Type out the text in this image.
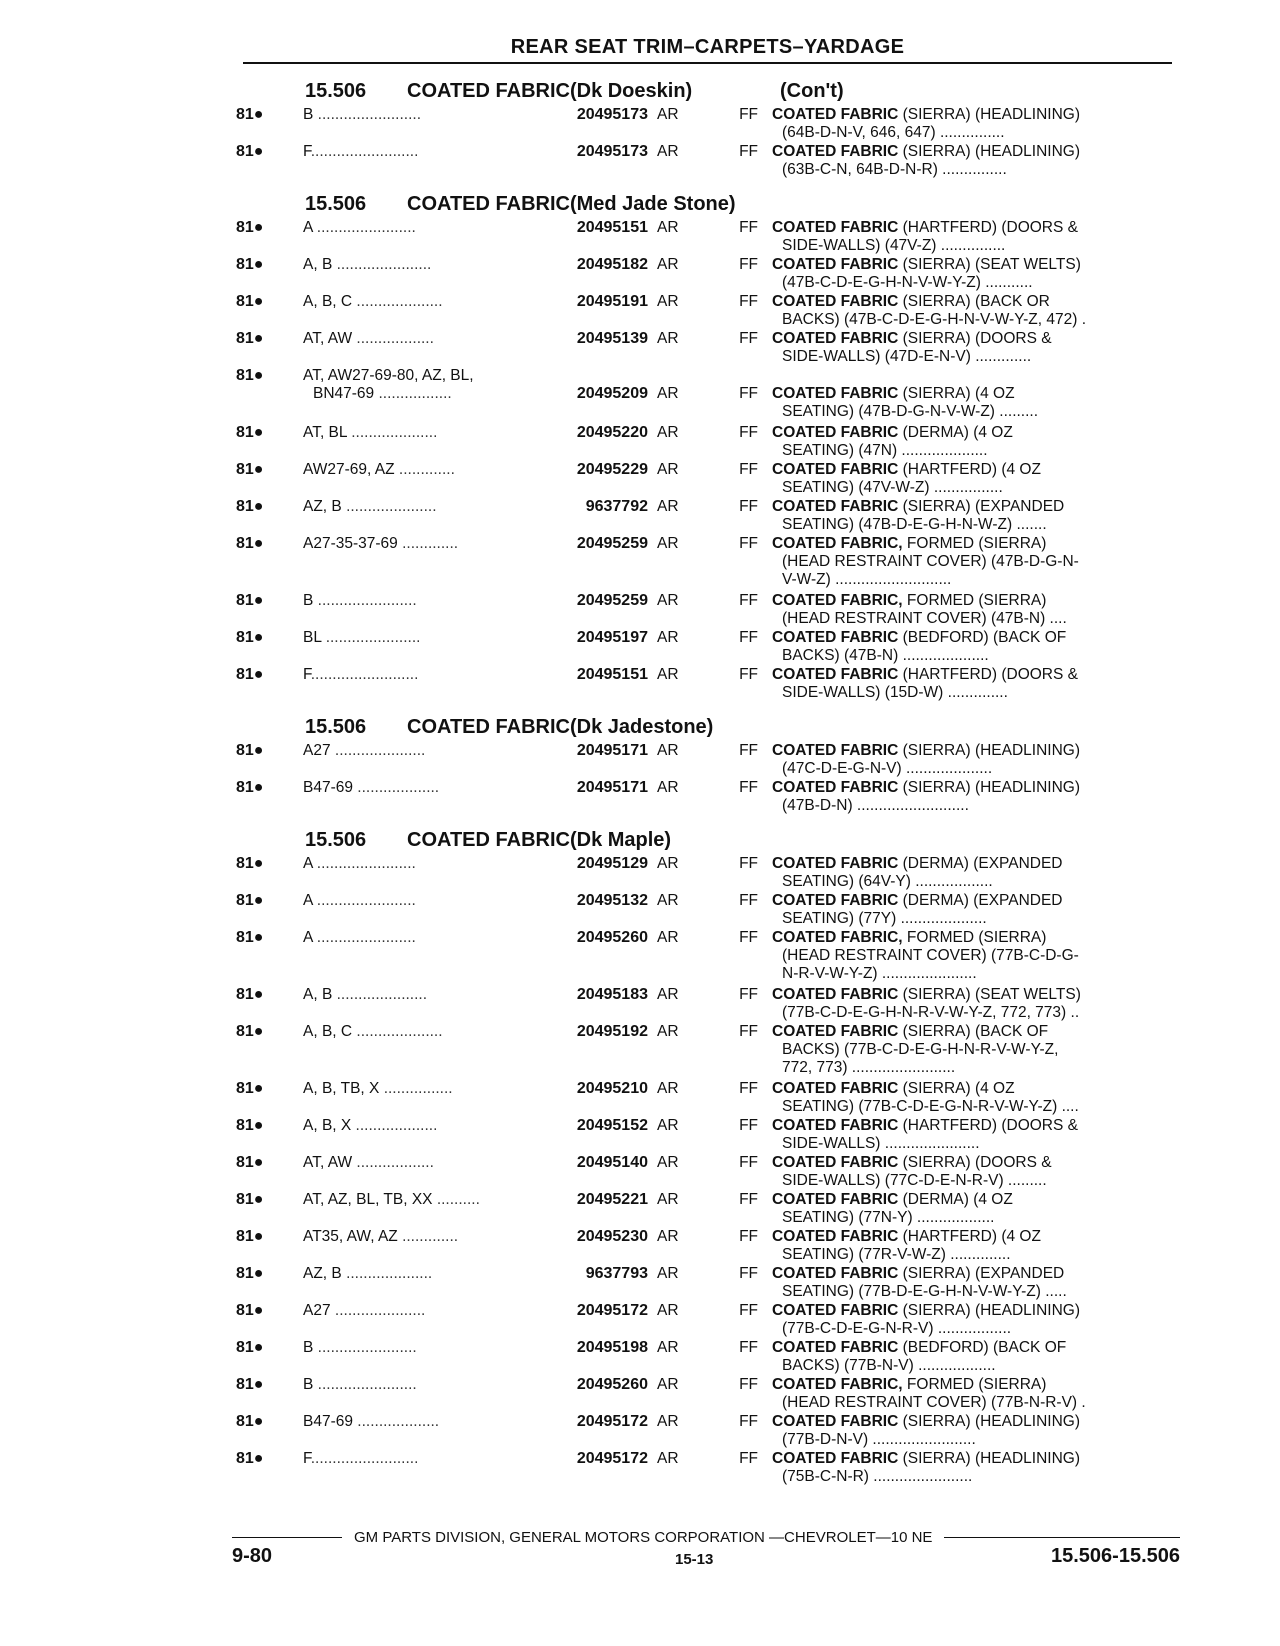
REAR SEAT TRIM–CARPETS–YARDAGE
15.506	COATED FABRIC(Dk Doeskin)	(Con't)
81●	B ........................	20495173 AR	FF COATED FABRIC (SIERRA) (HEADLINING)
(64B-D-N-V, 646, 647) ...............
81●	F.........................	20495173 AR	FF COATED FABRIC (SIERRA) (HEADLINING)
(63B-C-N, 64B-D-N-R) ...............
15.506	COATED FABRIC(Med Jade Stone)
81●	A .......................	20495151 AR	FF COATED FABRIC (HARTFERD) (DOORS &
SIDE-WALLS) (47V-Z) ...............
81●	A, B ......................	20495182 AR	FF COATED FABRIC (SIERRA) (SEAT WELTS)
(47B-C-D-E-G-H-N-V-W-Y-Z) ...........
81●	A, B, C ....................	20495191 AR	FF COATED FABRIC (SIERRA) (BACK OR
BACKS) (47B-C-D-E-G-H-N-V-W-Y-Z, 472) .
81●	AT, AW ..................	20495139 AR	FF COATED FABRIC (SIERRA) (DOORS &
SIDE-WALLS) (47D-E-N-V) .............
81●	AT, AW27-69-80, AZ, BL,
BN47-69 .................	20495209 AR	FF COATED FABRIC (SIERRA) (4 OZ
SEATING) (47B-D-G-N-V-W-Z) .........
81●	AT, BL ....................	20495220 AR	FF COATED FABRIC (DERMA) (4 OZ
SEATING) (47N) ....................
81●	AW27-69, AZ .............	20495229 AR	FF COATED FABRIC (HARTFERD) (4 OZ
SEATING) (47V-W-Z) ................
81●	AZ, B .....................	9637792 AR	FF COATED FABRIC (SIERRA) (EXPANDED
SEATING) (47B-D-E-G-H-N-W-Z) .......
81●	A27-35-37-69 .............	20495259 AR	FF COATED FABRIC, FORMED (SIERRA)
(HEAD RESTRAINT COVER) (47B-D-G-N-
V-W-Z) ...........................
81●	B .......................	20495259 AR	FF COATED FABRIC, FORMED (SIERRA)
(HEAD RESTRAINT COVER) (47B-N) ....
81●	BL ......................	20495197 AR	FF COATED FABRIC (BEDFORD) (BACK OF
BACKS) (47B-N) ....................
81●	F.........................	20495151 AR	FF COATED FABRIC (HARTFERD) (DOORS &
SIDE-WALLS) (15D-W) ..............
15.506	COATED FABRIC(Dk Jadestone)
81●	A27 .....................	20495171 AR	FF COATED FABRIC (SIERRA) (HEADLINING)
(47C-D-E-G-N-V) ....................
81●	B47-69 ...................	20495171 AR	FF COATED FABRIC (SIERRA) (HEADLINING)
(47B-D-N) ..........................
15.506	COATED FABRIC(Dk Maple)
81●	A .......................	20495129 AR	FF COATED FABRIC (DERMA) (EXPANDED
SEATING) (64V-Y) ..................
81●	A .......................	20495132 AR	FF COATED FABRIC (DERMA) (EXPANDED
SEATING) (77Y) ....................
81●	A .......................	20495260 AR	FF COATED FABRIC, FORMED (SIERRA)
(HEAD RESTRAINT COVER) (77B-C-D-G-
N-R-V-W-Y-Z) ......................
81●	A, B .....................	20495183 AR	FF COATED FABRIC (SIERRA) (SEAT WELTS)
(77B-C-D-E-G-H-N-R-V-W-Y-Z, 772, 773) ..
81●	A, B, C ....................	20495192 AR	FF COATED FABRIC (SIERRA) (BACK OF
BACKS) (77B-C-D-E-G-H-N-R-V-W-Y-Z,
772, 773) ........................
81●	A, B, TB, X ................	20495210 AR	FF COATED FABRIC (SIERRA) (4 OZ
SEATING) (77B-C-D-E-G-N-R-V-W-Y-Z) ....
81●	A, B, X ...................	20495152 AR	FF COATED FABRIC (HARTFERD) (DOORS &
SIDE-WALLS) ......................
81●	AT, AW ..................	20495140 AR	FF COATED FABRIC (SIERRA) (DOORS &
SIDE-WALLS) (77C-D-E-N-R-V) .........
81●	AT, AZ, BL, TB, XX ..........	20495221 AR	FF COATED FABRIC (DERMA) (4 OZ
SEATING) (77N-Y) ..................
81●	AT35, AW, AZ .............	20495230 AR	FF COATED FABRIC (HARTFERD) (4 OZ
SEATING) (77R-V-W-Z) ..............
81●	AZ, B ....................	9637793 AR	FF COATED FABRIC (SIERRA) (EXPANDED
SEATING) (77B-D-E-G-H-N-V-W-Y-Z) .....
81●	A27 .....................	20495172 AR	FF COATED FABRIC (SIERRA) (HEADLINING)
(77B-C-D-E-G-N-R-V) .................
81●	B .......................	20495198 AR	FF COATED FABRIC (BEDFORD) (BACK OF
BACKS) (77B-N-V) ..................
81●	B .......................	20495260 AR	FF COATED FABRIC, FORMED (SIERRA)
(HEAD RESTRAINT COVER) (77B-N-R-V) .
81●	B47-69 ...................	20495172 AR	FF COATED FABRIC (SIERRA) (HEADLINING)
(77B-D-N-V) ........................
81●	F.........................	20495172 AR	FF COATED FABRIC (SIERRA) (HEADLINING)
(75B-C-N-R) .......................
GM PARTS DIVISION, GENERAL MOTORS CORPORATION —CHEVROLET—10 NE
9-80	15-13	15.506-15.506
